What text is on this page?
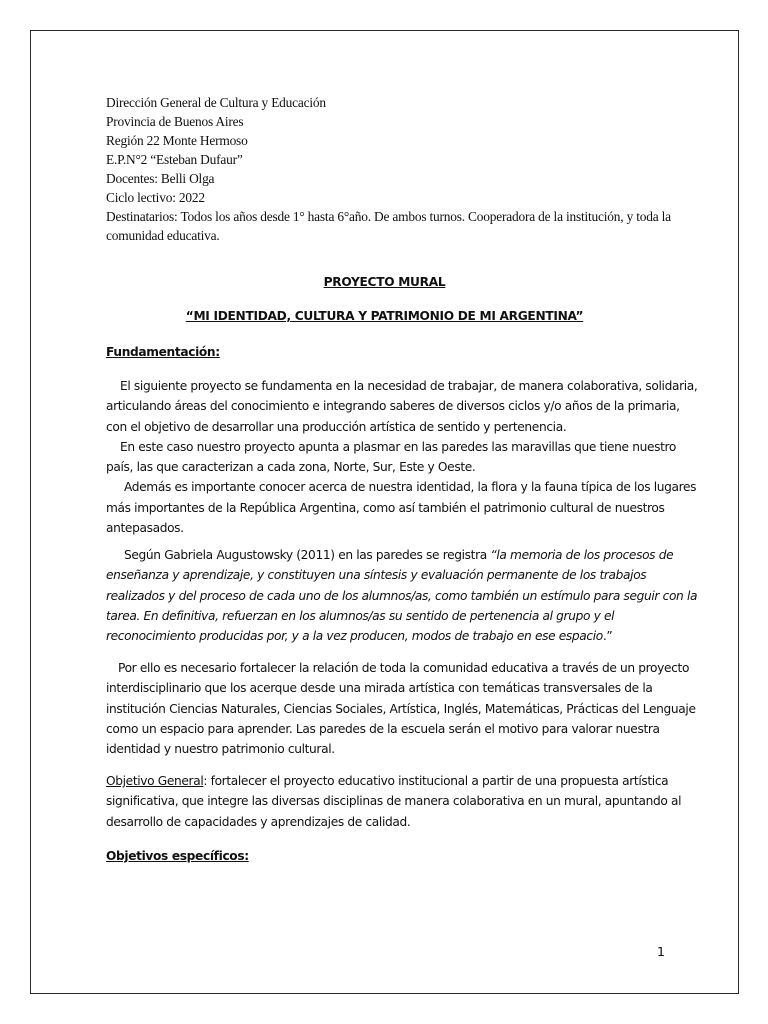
Dirección General de Cultura y Educación

Provincia de Buenos Aires

Región 22 Monte Hermoso

E.P.N°2 “Esteban Dufaur”

Docentes: Belli Olga

Ciclo lectivo: 2022

Destinatarios: Todos los años desde 1° hasta 6°año. De ambos turnos. Cooperadora de la institución, y toda la comunidad educativa.

PROYECTO MURAL
“MI IDENTIDAD, CULTURA Y PATRIMONIO DE MI ARGENTINA”

Fundamentación:

El siguiente proyecto se fundamenta en la necesidad de trabajar, de manera colaborativa, solidaria, articulando áreas del conocimiento e integrando saberes de diversos ciclos y/o años de la primaria, con el objetivo de desarrollar una producción artística de sentido y pertenencia.

En este caso nuestro proyecto apunta a plasmar en las paredes las maravillas que tiene nuestro país, las que caracterizan a cada zona, Norte, Sur, Este y Oeste.

Además es importante conocer acerca de nuestra identidad, la flora y la fauna típica de los lugares más importantes de la República Argentina, como así también el patrimonio cultural de nuestros antepasados.

Según Gabriela Augustowsky (2011) en las paredes se registra “la memoria de los procesos de enseñanza y aprendizaje, y constituyen una síntesis y evaluación permanente de los trabajos realizados y del proceso de cada uno de los alumnos/as, como también un estímulo para seguir con la tarea. En definitiva, refuerzan en los alumnos/as su sentido de pertenencia al grupo y el reconocimiento producidas por, y a la vez producen, modos de trabajo en ese espacio.”

Por ello es necesario fortalecer la relación de toda la comunidad educativa a través de un proyecto interdisciplinario que los acerque desde una mirada artística con temáticas transversales de la institución Ciencias Naturales, Ciencias Sociales, Artística, Inglés, Matemáticas, Prácticas del Lenguaje como un espacio para aprender. Las paredes de la escuela serán el motivo para valorar nuestra identidad y nuestro patrimonio cultural.

Objetivo General: fortalecer el proyecto educativo institucional a partir de una propuesta artística significativa, que integre las diversas disciplinas de manera colaborativa en un mural, apuntando al desarrollo de capacidades y aprendizajes de calidad.

Objetivos específicos:

1
